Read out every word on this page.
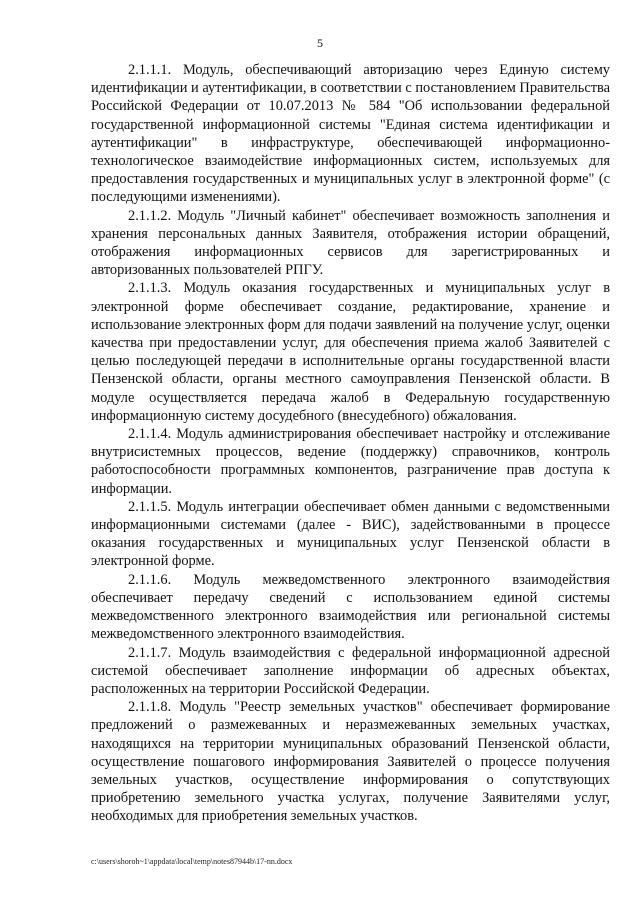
5

2.1.1.1. Модуль, обеспечивающий авторизацию через Единую систему идентификации и аутентификации, в соответствии с постановлением Правительства Российской Федерации от 10.07.2013 № 584 "Об использовании федеральной государственной информационной системы "Единая система идентификации и аутентификации" в инфраструктуре, обеспечивающей информационно-технологическое взаимодействие информационных систем, используемых для предоставления государственных и муниципальных услуг в электронной форме" (с последующими изменениями).

2.1.1.2. Модуль "Личный кабинет" обеспечивает возможность заполнения и хранения персональных данных Заявителя, отображения истории обращений, отображения информационных сервисов для зарегистрированных и авторизованных пользователей РПГУ.

2.1.1.3. Модуль оказания государственных и муниципальных услуг в электронной форме обеспечивает создание, редактирование, хранение и использование электронных форм для подачи заявлений на получение услуг, оценки качества при предоставлении услуг, для обеспечения приема жалоб Заявителей с целью последующей передачи в исполнительные органы государственной власти Пензенской области, органы местного самоуправления Пензенской области. В модуле осуществляется передача жалоб в Федеральную государственную информационную систему досудебного (внесудебного) обжалования.

2.1.1.4. Модуль администрирования обеспечивает настройку и отслеживание внутрисистемных процессов, ведение (поддержку) справочников, контроль работоспособности программных компонентов, разграничение прав доступа к информации.

2.1.1.5. Модуль интеграции обеспечивает обмен данными с ведомственными информационными системами (далее - ВИС), задействованными в процессе оказания государственных и муниципальных услуг Пензенской области в электронной форме.

2.1.1.6. Модуль межведомственного электронного взаимодействия обеспечивает передачу сведений с использованием единой системы межведомственного электронного взаимодействия или региональной системы межведомственного электронного взаимодействия.

2.1.1.7. Модуль взаимодействия с федеральной информационной адресной системой обеспечивает заполнение информации об адресных объектах, расположенных на территории Российской Федерации.

2.1.1.8. Модуль "Реестр земельных участков" обеспечивает формирование предложений о размежеванных и неразмежеванных земельных участках, находящихся на территории муниципальных образований Пензенской области, осуществление пошагового информирования Заявителей о процессе получения земельных участков, осуществление информирования о сопутствующих приобретению земельного участка услугах, получение Заявителями услуг, необходимых для приобретения земельных участков.

c:\users\shoroh~1\appdata\local\temp\notes87944b\17-nn.docx
